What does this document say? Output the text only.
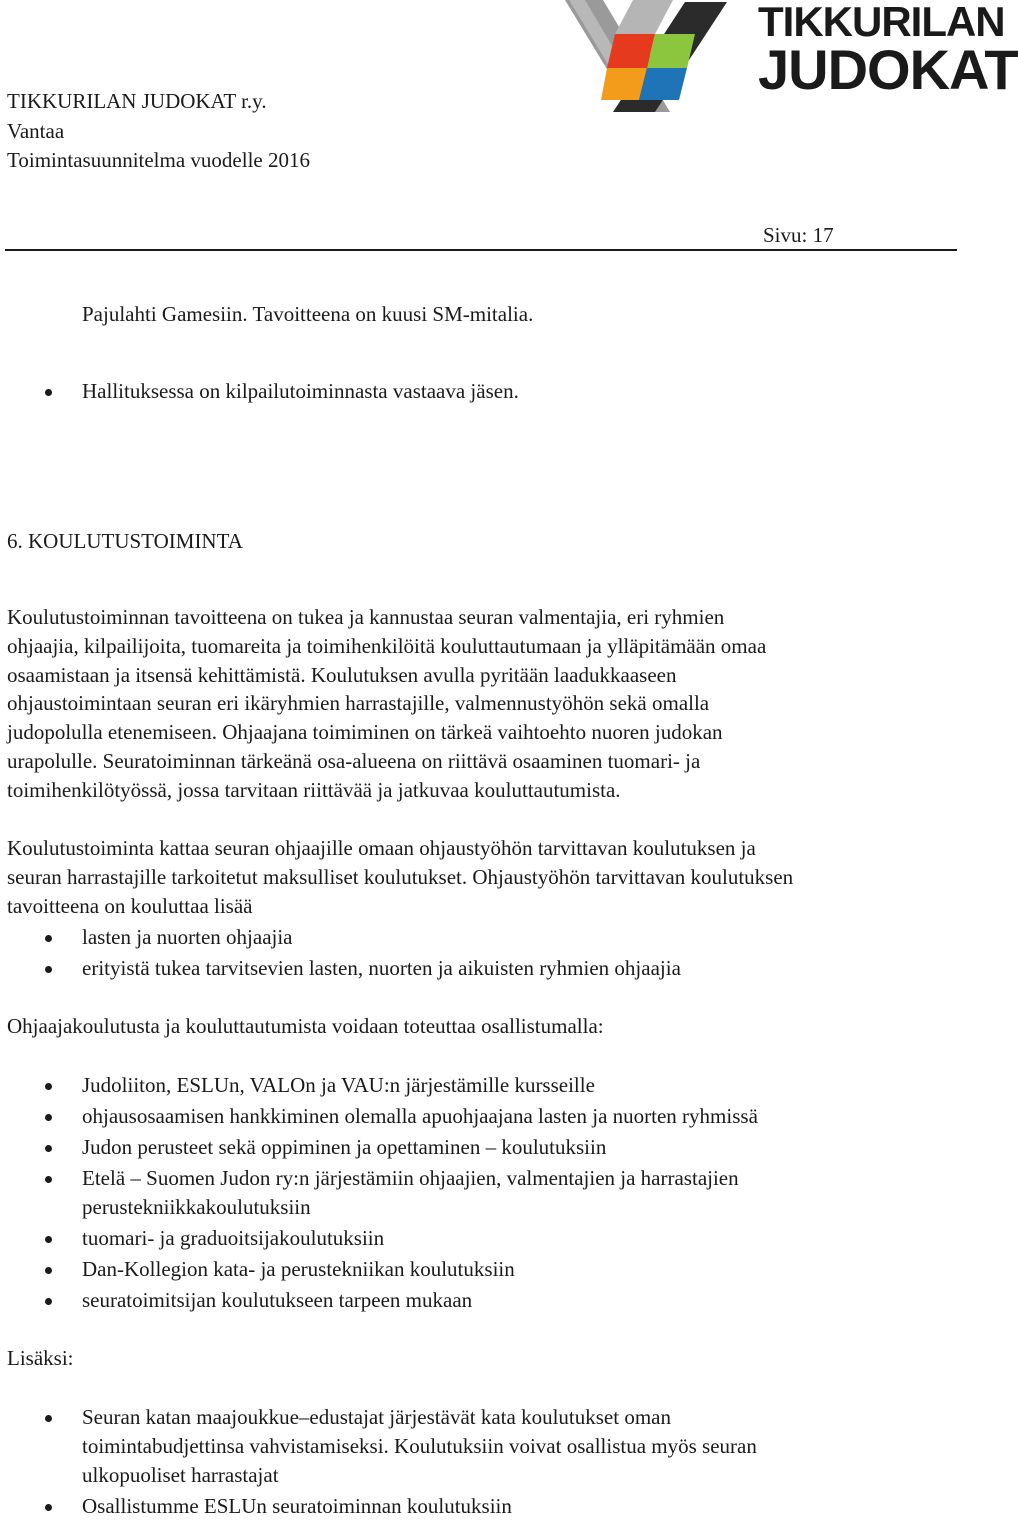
TIKKURILAN JUDOKAT r.y.
Vantaa
Toimintasuunnitelma vuodelle 2016
TIKKURILAN
JUDOKAT
Sivu: 17
Pajulahti Gamesiin. Tavoitteena on kuusi SM-mitalia.
Hallituksessa on kilpailutoiminnasta vastaava jäsen.
6. KOULUTUSTOIMINTA
Koulutustoiminnan tavoitteena on tukea ja kannustaa seuran valmentajia, eri ryhmien
ohjaajia, kilpailijoita, tuomareita ja toimihenkilöitä kouluttautumaan ja ylläpitämään omaa
osaamistaan ja itsensä kehittämistä. Koulutuksen avulla pyritään laadukkaaseen
ohjaustoimintaan seuran eri ikäryhmien harrastajille, valmennustyöhön sekä omalla
judopolulla etenemiseen. Ohjaajana toimiminen on tärkeä vaihtoehto nuoren judokan
urapolulle. Seuratoiminnan tärkeänä osa-alueena on riittävä osaaminen tuomari- ja
toimihenkilötyössä, jossa tarvitaan riittävää ja jatkuvaa kouluttautumista.
Koulutustoiminta kattaa seuran ohjaajille omaan ohjaustyöhön tarvittavan koulutuksen ja
seuran harrastajille tarkoitetut maksulliset koulutukset. Ohjaustyöhön tarvittavan koulutuksen
tavoitteena on kouluttaa lisää
lasten ja nuorten ohjaajia
erityistä tukea tarvitsevien lasten, nuorten ja aikuisten ryhmien ohjaajia
Ohjaajakoulutusta ja kouluttautumista voidaan toteuttaa osallistumalla:
Judoliiton, ESLUn, VALOn ja VAU:n järjestämille kursseille
ohjausosaamisen hankkiminen olemalla apuohjaajana lasten ja nuorten ryhmissä
Judon perusteet sekä oppiminen ja opettaminen – koulutuksiin
Etelä – Suomen Judon ry:n järjestämiin ohjaajien, valmentajien ja harrastajien
perustekniikkakoulutuksiin
tuomari- ja graduoitsijakoulutuksiin
Dan-Kollegion kata- ja perustekniikan koulutuksiin
seuratoimitsijan koulutukseen tarpeen mukaan
Lisäksi:
Seuran katan maajoukkue–edustajat järjestävät kata koulutukset oman
toimintabudjettinsa vahvistamiseksi. Koulutuksiin voivat osallistua myös seuran
ulkopuoliset harrastajat
Osallistumme ESLUn seuratoiminnan koulutuksiin
